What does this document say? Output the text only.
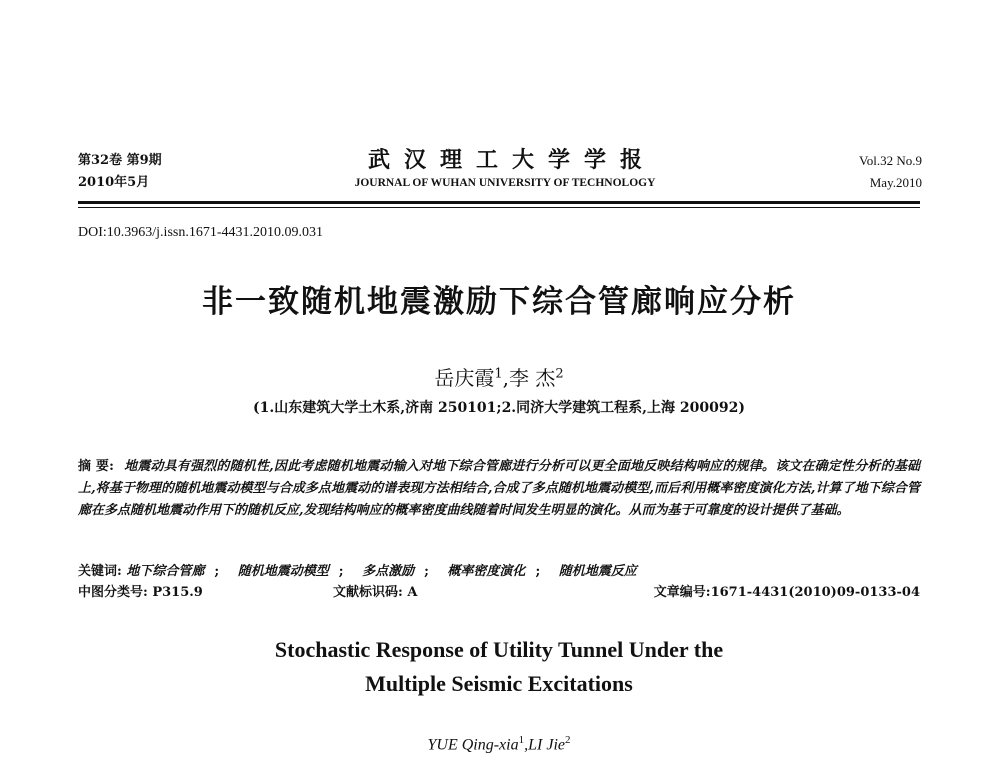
第32卷 第9期
2010年5月
武汉理工大学学报
JOURNAL OF WUHAN UNIVERSITY OF TECHNOLOGY
Vol.32 No.9
May.2010
DOI:10.3963/j.issn.1671-4431.2010.09.031
非一致随机地震激励下综合管廊响应分析
岳庆霞$^1$,李 杰$^2$
(1.山东建筑大学土木系,济南 250101;2.同济大学建筑工程系,上海 200092)
摘 要: 地震动具有强烈的随机性,因此考虑随机地震动输入对地下综合管廊进行分析可以更全面地反映结构响应的规律。该文在确定性分析的基础上,将基于物理的随机地震动模型与合成多点地震动的谱表现方法相结合,合成了多点随机地震动模型,而后利用概率密度演化方法,计算了地下综合管廊在多点随机地震动作用下的随机反应,发现结构响应的概率密度曲线随着时间发生明显的演化。从而为基于可靠度的设计提供了基础。
关键词: 地下综合管廊 ; 随机地震动模型 ; 多点激励 ; 概率密度演化 ; 随机地震反应
中图分类号: P315.9	文献标识码: A	文章编号:1671-4431(2010)09-0133-04
Stochastic Response of Utility Tunnel Under the
Multiple Seismic Excitations
YUE Qing-xia$^1$,LI Jie$^2$
